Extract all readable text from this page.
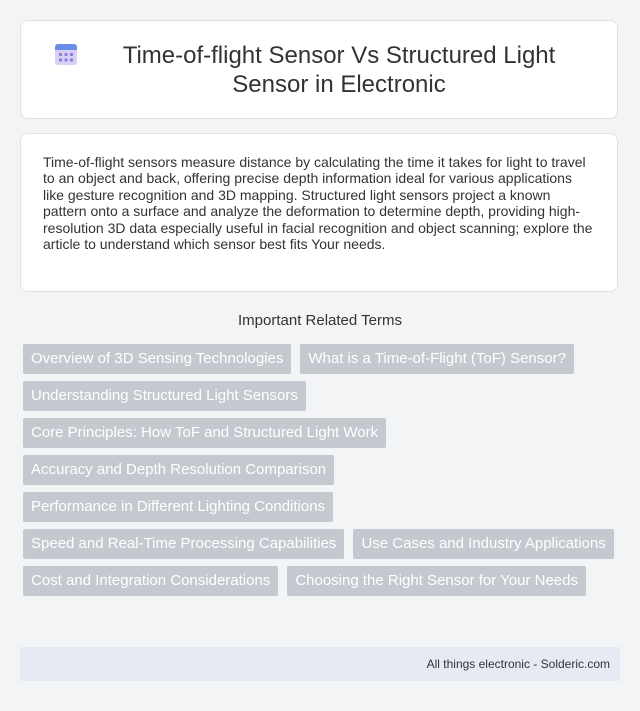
Time-of-flight Sensor Vs Structured Light Sensor in Electronic

Time-of-flight sensors measure distance by calculating the time it takes for light to travel to an object and back, offering precise depth information ideal for various applications like gesture recognition and 3D mapping. Structured light sensors project a known pattern onto a surface and analyze the deformation to determine depth, providing high-resolution 3D data especially useful in facial recognition and object scanning; explore the article to understand which sensor best fits Your needs.

Important Related Terms
Overview of 3D Sensing Technologies	What is a Time-of-Flight (ToF) Sensor?
Understanding Structured Light Sensors
Core Principles: How ToF and Structured Light Work
Accuracy and Depth Resolution Comparison
Performance in Different Lighting Conditions
Speed and Real-Time Processing Capabilities	Use Cases and Industry Applications
Cost and Integration Considerations	Choosing the Right Sensor for Your Needs
All things electronic - Solderic.com
